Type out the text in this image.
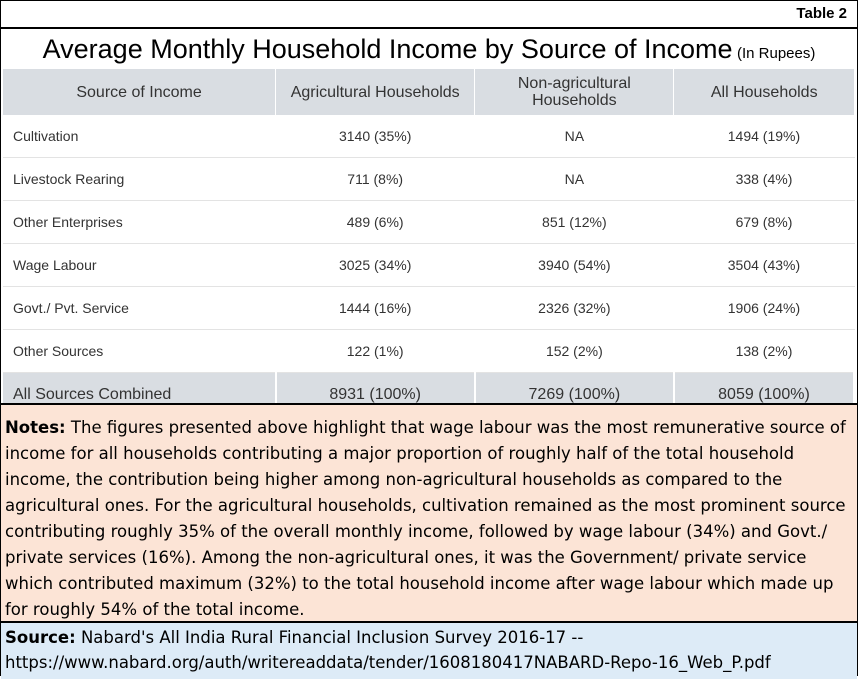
Table 2
Average Monthly Household Income by Source of Income (In Rupees)
Source of Income	Agricultural Households	Non-agricultural Households	All Households
Cultivation	3140 (35%)	NA	1494 (19%)
Livestock Rearing	711 (8%)	NA	338 (4%)
Other Enterprises	489 (6%)	851 (12%)	679 (8%)
Wage Labour	3025 (34%)	3940 (54%)	3504 (43%)
Govt./ Pvt. Service	1444 (16%)	2326 (32%)	1906 (24%)
Other Sources	122 (1%)	152 (2%)	138 (2%)
All Sources Combined	8931 (100%)	7269 (100%)	8059 (100%)
Notes: The figures presented above highlight that wage labour was the most remunerative source of income for all households contributing a major proportion of roughly half of the total household income, the contribution being higher among non-agricultural households as compared to the agricultural ones. For the agricultural households, cultivation remained as the most prominent source contributing roughly 35% of the overall monthly income, followed by wage labour (34%) and Govt./ private services (16%). Among the non-agricultural ones, it was the Government/ private service which contributed maximum (32%) to the total household income after wage labour which made up for roughly 54% of the total income.
Source: Nabard's All India Rural Financial Inclusion Survey 2016-17 --
https://www.nabard.org/auth/writereaddata/tender/1608180417NABARD-Repo-16_Web_P.pdf
